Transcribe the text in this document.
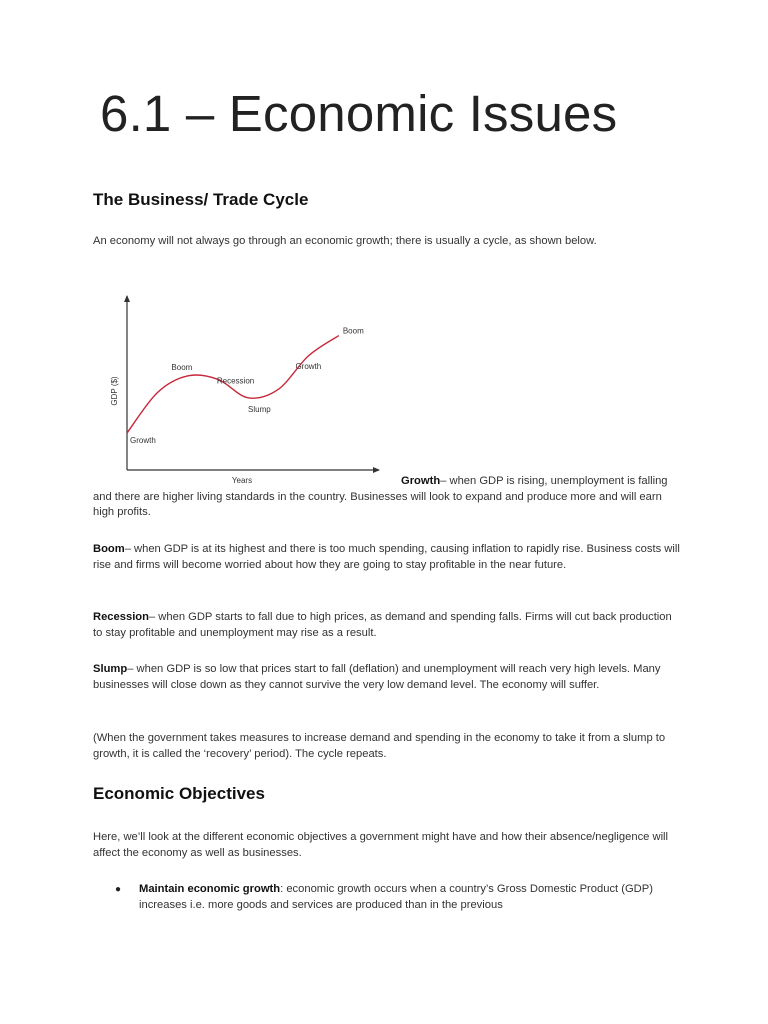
6.1 – Economic Issues
The Business/ Trade Cycle

An economy will not always go through an economic growth; there is usually a cycle, as shown below.

Growth
Boom
Recession
Slump
Growth
Boom
GDP ($)
Years	Growth– when GDP is rising, unemployment is falling and there are higher living standards in the country. Businesses will look to expand and produce more and will earn high profits.

Boom– when GDP is at its highest and there is too much spending, causing inflation to rapidly rise. Business costs will rise and firms will become worried about how they are going to stay profitable in the near future.

Recession– when GDP starts to fall due to high prices, as demand and spending falls. Firms will cut back production to stay profitable and unemployment may rise as a result.

Slump– when GDP is so low that prices start to fall (deflation) and unemployment will reach very high levels. Many businesses will close down as they cannot survive the very low demand level. The economy will suffer.

(When the government takes measures to increase demand and spending in the economy to take it from a slump to growth, it is called the ‘recovery’ period). The cycle repeats.

Economic Objectives

Here, we’ll look at the different economic objectives a government might have and how their absence/negligence will affect the economy as well as businesses.

● Maintain economic growth: economic growth occurs when a country’s Gross Domestic Product (GDP) increases i.e. more goods and services are produced than in the previous
